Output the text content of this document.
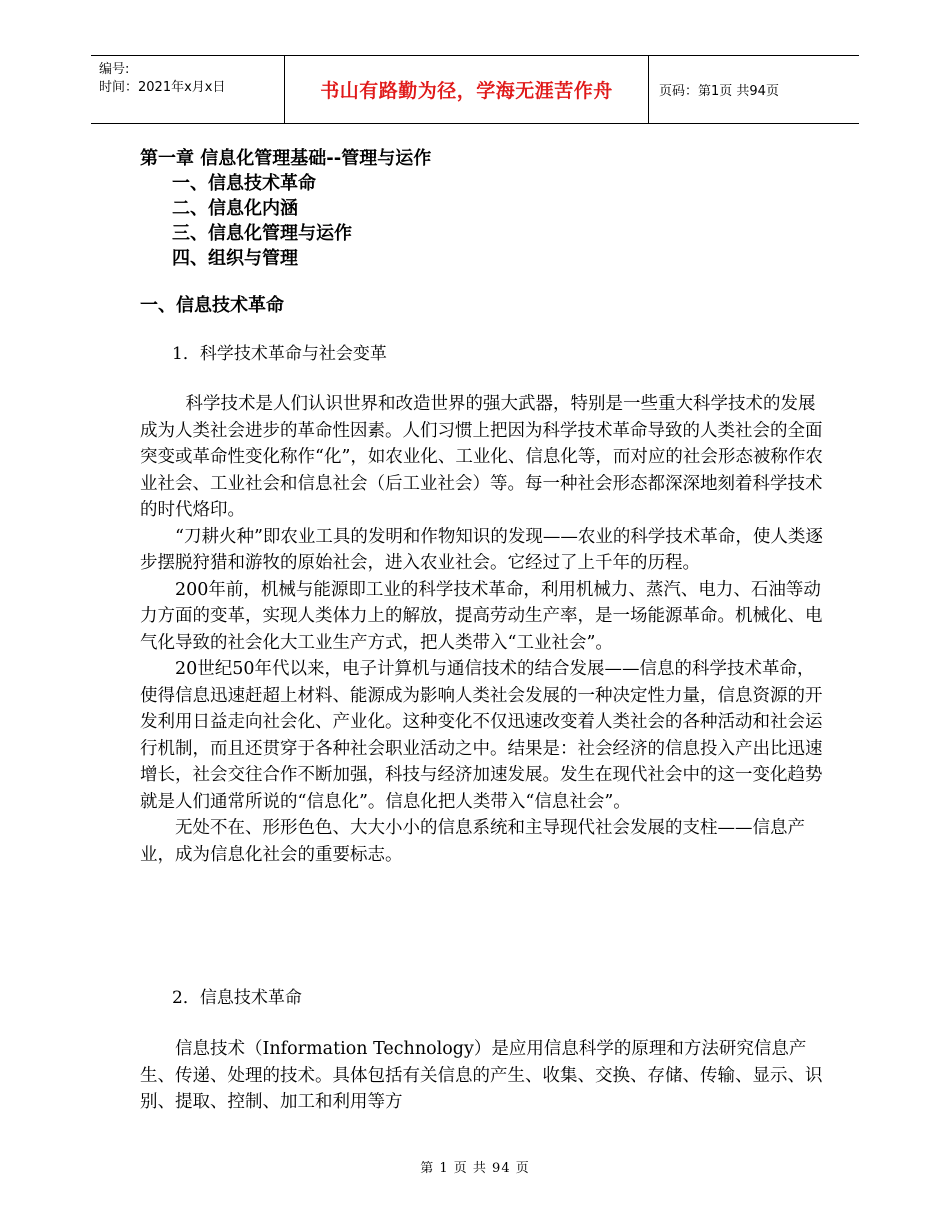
编号:
时间：2021年x月x日	书山有路勤为径，学海无涯苦作舟	页码：第1页 共94页
第一章 信息化管理基础--管理与运作
一、信息技术革命
二、信息化内涵
三、信息化管理与运作
四、组织与管理
一、信息技术革命
1．科学技术革命与社会变革

科学技术是人们认识世界和改造世界的强大武器，特别是一些重大科学技术的发展成为人类社会进步的革命性因素。人们习惯上把因为科学技术革命导致的人类社会的全面突变或革命性变化称作“化”，如农业化、工业化、信息化等，而对应的社会形态被称作农业社会、工业社会和信息社会（后工业社会）等。每一种社会形态都深深地刻着科学技术的时代烙印。

“刀耕火种”即农业工具的发明和作物知识的发现——农业的科学技术革命，使人类逐步摆脱狩猎和游牧的原始社会，进入农业社会。它经过了上千年的历程。

200年前，机械与能源即工业的科学技术革命，利用机械力、蒸汽、电力、石油等动力方面的变革，实现人类体力上的解放，提高劳动生产率，是一场能源革命。机械化、电气化导致的社会化大工业生产方式，把人类带入“工业社会”。

20世纪50年代以来，电子计算机与通信技术的结合发展——信息的科学技术革命，使得信息迅速赶超上材料、能源成为影响人类社会发展的一种决定性力量，信息资源的开发利用日益走向社会化、产业化。这种变化不仅迅速改变着人类社会的各种活动和社会运行机制，而且还贯穿于各种社会职业活动之中。结果是：社会经济的信息投入产出比迅速增长，社会交往合作不断加强，科技与经济加速发展。发生在现代社会中的这一变化趋势就是人们通常所说的“信息化”。信息化把人类带入“信息社会”。

无处不在、形形色色、大大小小的信息系统和主导现代社会发展的支柱——信息产业，成为信息化社会的重要标志。

2．信息技术革命

信息技术（Information Technology）是应用信息科学的原理和方法研究信息产生、传递、处理的技术。具体包括有关信息的产生、收集、交换、存储、传输、显示、识别、提取、控制、加工和利用等方

第 1 页 共 94 页
